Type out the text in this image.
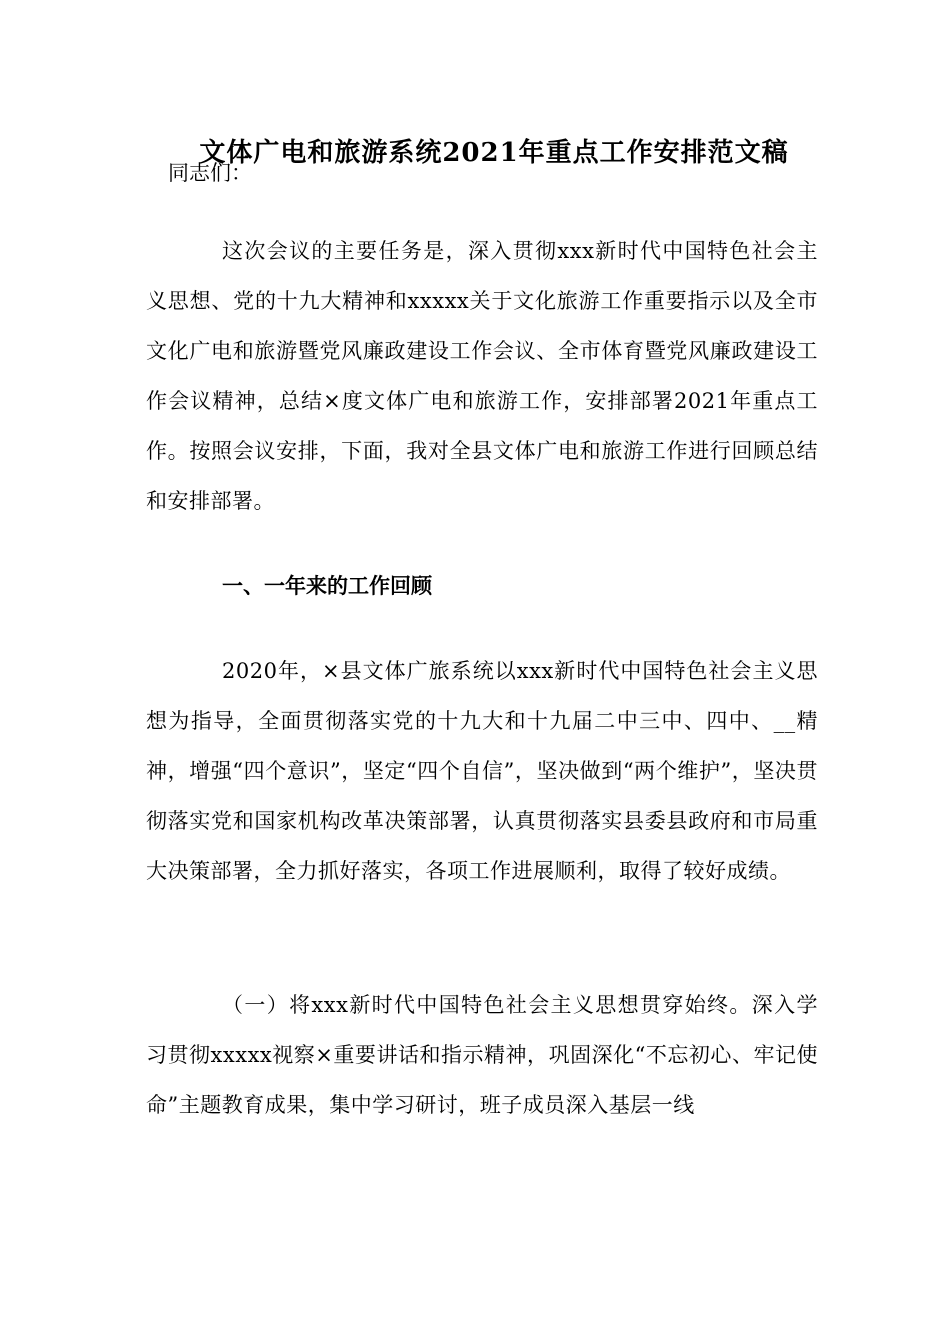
文体广电和旅游系统2021年重点工作安排范文稿

同志们：

这次会议的主要任务是，深入贯彻xxx新时代中国特色社会主义思想、党的十九大精神和xxxxx关于文化旅游工作重要指示以及全市文化广电和旅游暨党风廉政建设工作会议、全市体育暨党风廉政建设工作会议精神，总结×度文体广电和旅游工作，安排部署2021年重点工作。按照会议安排，下面，我对全县文体广电和旅游工作进行回顾总结和安排部署。

一、一年来的工作回顾

2020年，×县文体广旅系统以xxx新时代中国特色社会主义思想为指导，全面贯彻落实党的十九大和十九届二中三中、四中、__精神，增强“四个意识”，坚定“四个自信”，坚决做到“两个维护”，坚决贯彻落实党和国家机构改革决策部署，认真贯彻落实县委县政府和市局重大决策部署，全力抓好落实，各项工作进展顺利，取得了较好成绩。

（一）将xxx新时代中国特色社会主义思想贯穿始终。深入学习贯彻xxxxx视察×重要讲话和指示精神，巩固深化“不忘初心、牢记使命”主题教育成果，集中学习研讨，班子成员深入基层一线
